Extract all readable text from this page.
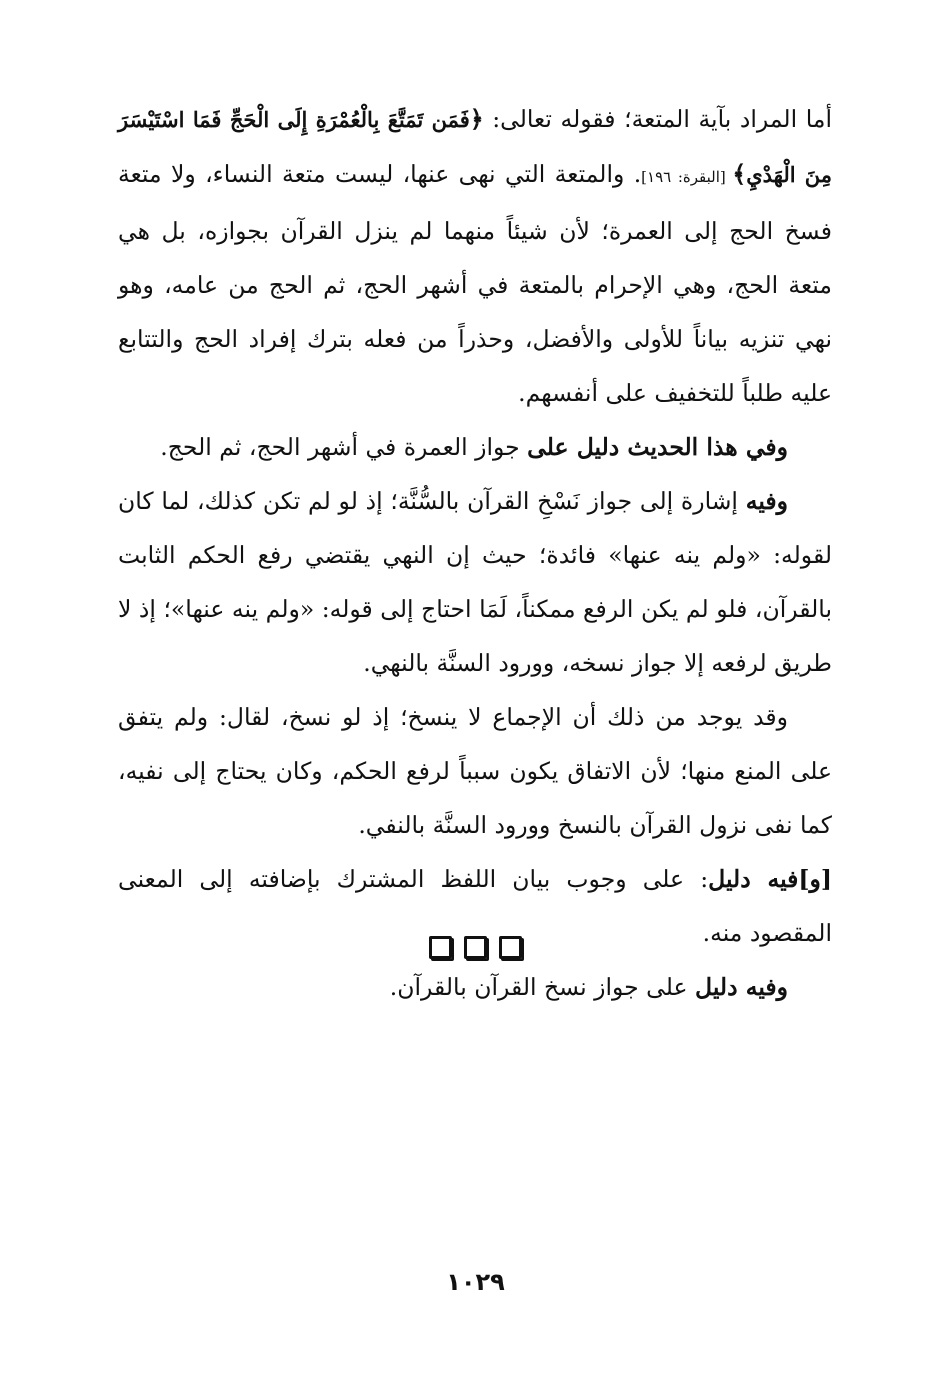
أما المراد بآية المتعة؛ فقوله تعالى: ﴿فَمَن تَمَتَّعَ بِالْعُمْرَةِ إِلَى الْحَجِّ فَمَا اسْتَيْسَرَ مِنَ الْهَدْيِ﴾ [البقرة: ١٩٦]. والمتعة التي نهى عنها، ليست متعة النساء، ولا متعة فسخ الحج إلى العمرة؛ لأن شيئاً منهما لم ينزل القرآن بجوازه، بل هي متعة الحج، وهي الإحرام بالمتعة في أشهر الحج، ثم الحج من عامه، وهو نهي تنزيه بياناً للأولى والأفضل، وحذراً من فعله بترك إفراد الحج والتتابع عليه طلباً للتخفيف على أنفسهم.

وفي هذا الحديث دليل على جواز العمرة في أشهر الحج، ثم الحج.

وفيه إشارة إلى جواز نَسْخِ القرآن بالسُّنَّة؛ إذ لو لم تكن كذلك، لما كان لقوله: «ولم ينه عنها» فائدة؛ حيث إن النهي يقتضي رفع الحكم الثابت بالقرآن، فلو لم يكن الرفع ممكناً، لَمَا احتاج إلى قوله: «ولم ينه عنها»؛ إذ لا طريق لرفعه إلا جواز نسخه، وورود السنَّة بالنهي.

وقد يوجد من ذلك أن الإجماع لا ينسخ؛ إذ لو نسخ، لقال: ولم يتفق على المنع منها؛ لأن الاتفاق يكون سبباً لرفع الحكم، وكان يحتاج إلى نفيه، كما نفى نزول القرآن بالنسخ وورود السنَّة بالنفي.

[و]فيه دليل: على وجوب بيان اللفظ المشترك بإضافته إلى المعنى المقصود منه.

وفيه دليل على جواز نسخ القرآن بالقرآن.

١٠٢٩
